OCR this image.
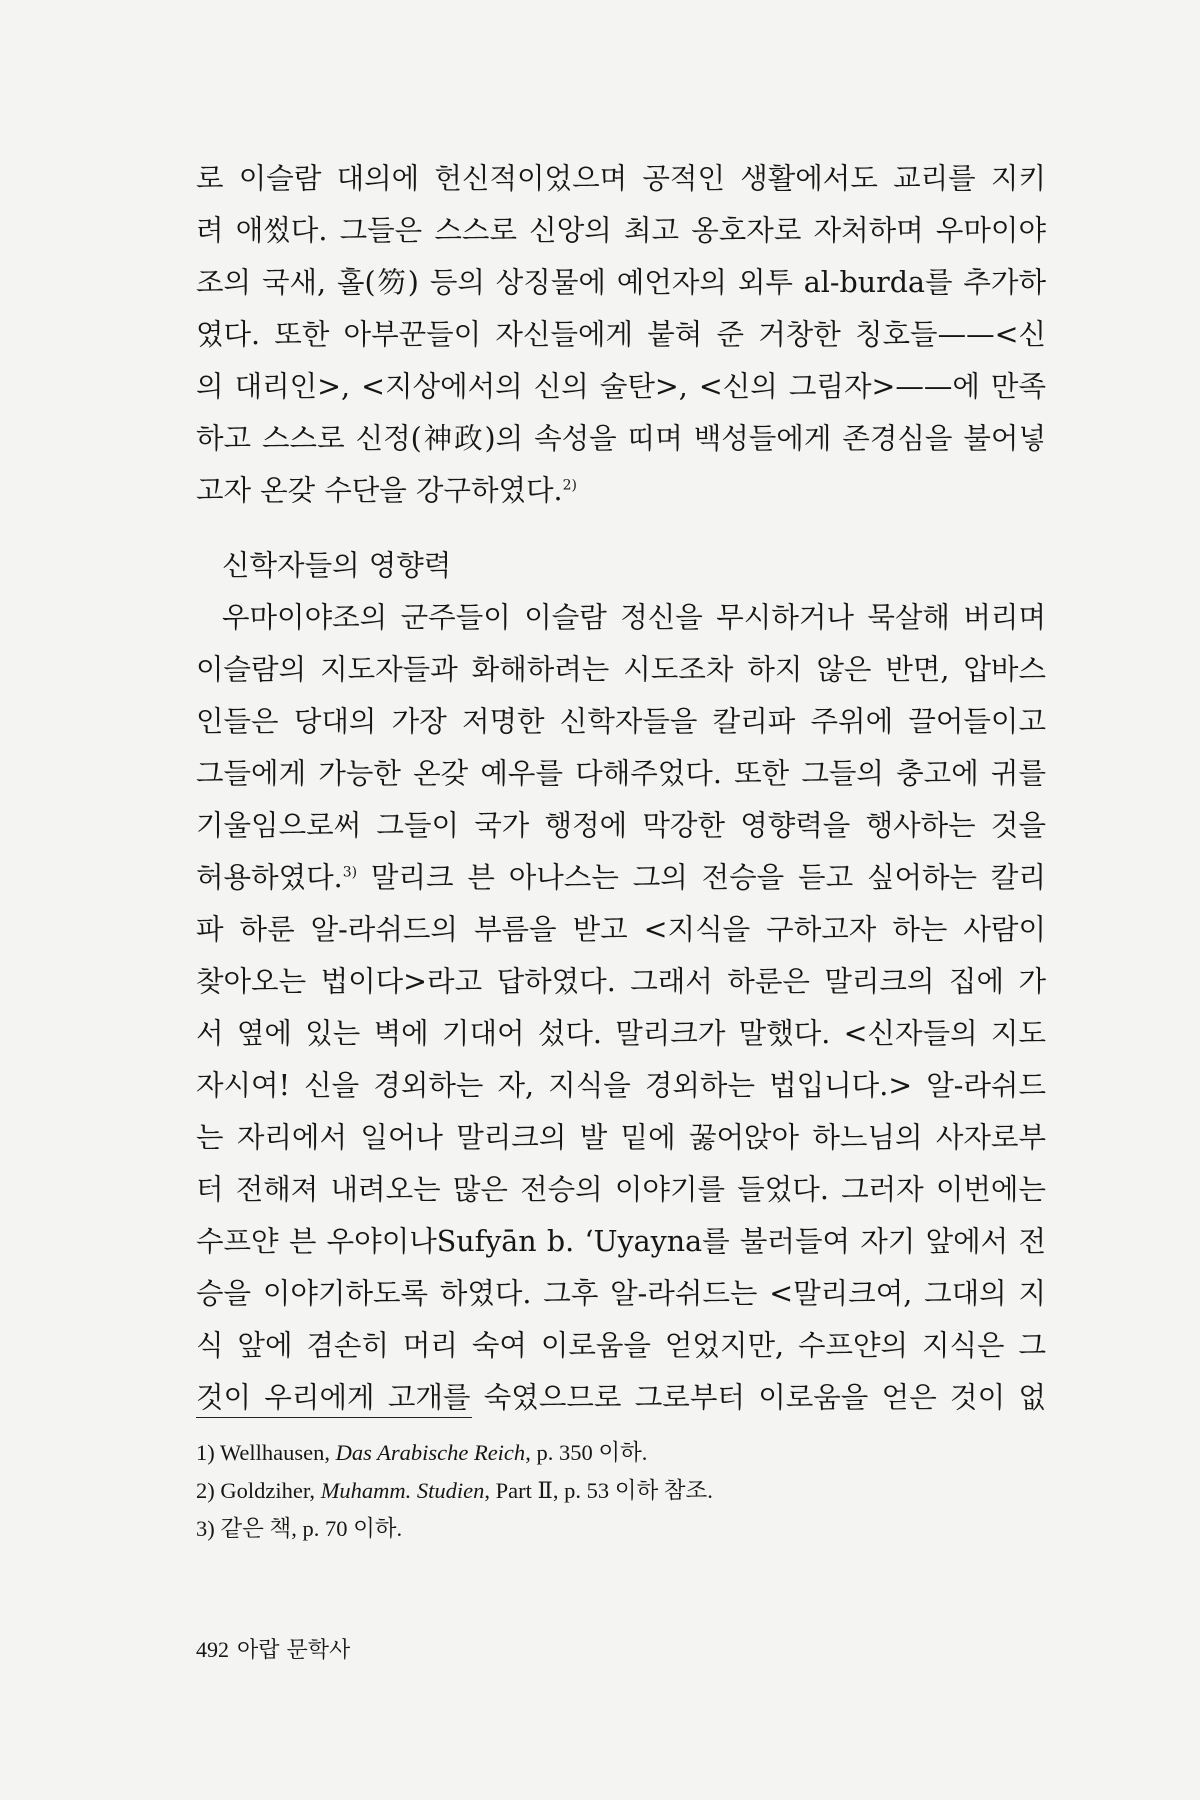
로 이슬람 대의에 헌신적이었으며 공적인 생활에서도 교리를 지키
려 애썼다. 그들은 스스로 신앙의 최고 옹호자로 자처하며 우마이야
조의 국새, 홀(笏) 등의 상징물에 예언자의 외투 al-burda를 추가하
였다. 또한 아부꾼들이 자신들에게 붙혀 준 거창한 칭호들——<신
의 대리인>, <지상에서의 신의 술탄>, <신의 그림자>——에 만족
하고 스스로 신정(神政)의 속성을 띠며 백성들에게 존경심을 불어넣
고자 온갖 수단을 강구하였다.$^{2)}$
신학자들의 영향력
우마이야조의 군주들이 이슬람 정신을 무시하거나 묵살해 버리며
이슬람의 지도자들과 화해하려는 시도조차 하지 않은 반면, 압바스
인들은 당대의 가장 저명한 신학자들을 칼리파 주위에 끌어들이고
그들에게 가능한 온갖 예우를 다해주었다. 또한 그들의 충고에 귀를
기울임으로써 그들이 국가 행정에 막강한 영향력을 행사하는 것을
허용하였다.$^{3)}$ 말리크 븐 아나스는 그의 전승을 듣고 싶어하는 칼리
파 하룬 알-라쉬드의 부름을 받고 <지식을 구하고자 하는 사람이
찾아오는 법이다>라고 답하였다. 그래서 하룬은 말리크의 집에 가
서 옆에 있는 벽에 기대어 섰다. 말리크가 말했다. <신자들의 지도
자시여! 신을 경외하는 자, 지식을 경외하는 법입니다.> 알-라쉬드
는 자리에서 일어나 말리크의 발 밑에 꿇어앉아 하느님의 사자로부
터 전해져 내려오는 많은 전승의 이야기를 들었다. 그러자 이번에는
수프얀 븐 우야이나Sufyān b. ‘Uyayna를 불러들여 자기 앞에서 전
승을 이야기하도록 하였다. 그후 알-라쉬드는 <말리크여, 그대의 지
식 앞에 겸손히 머리 숙여 이로움을 얻었지만, 수프얀의 지식은 그
것이 우리에게 고개를 숙였으므로 그로부터 이로움을 얻은 것이 없
1) Wellhausen, Das Arabische Reich, p. 350 이하.
2) Goldziher, Muhamm. Studien, Part Ⅱ, p. 53 이하 참조.
3) 같은 책, p. 70 이하.
492 아랍 문학사
